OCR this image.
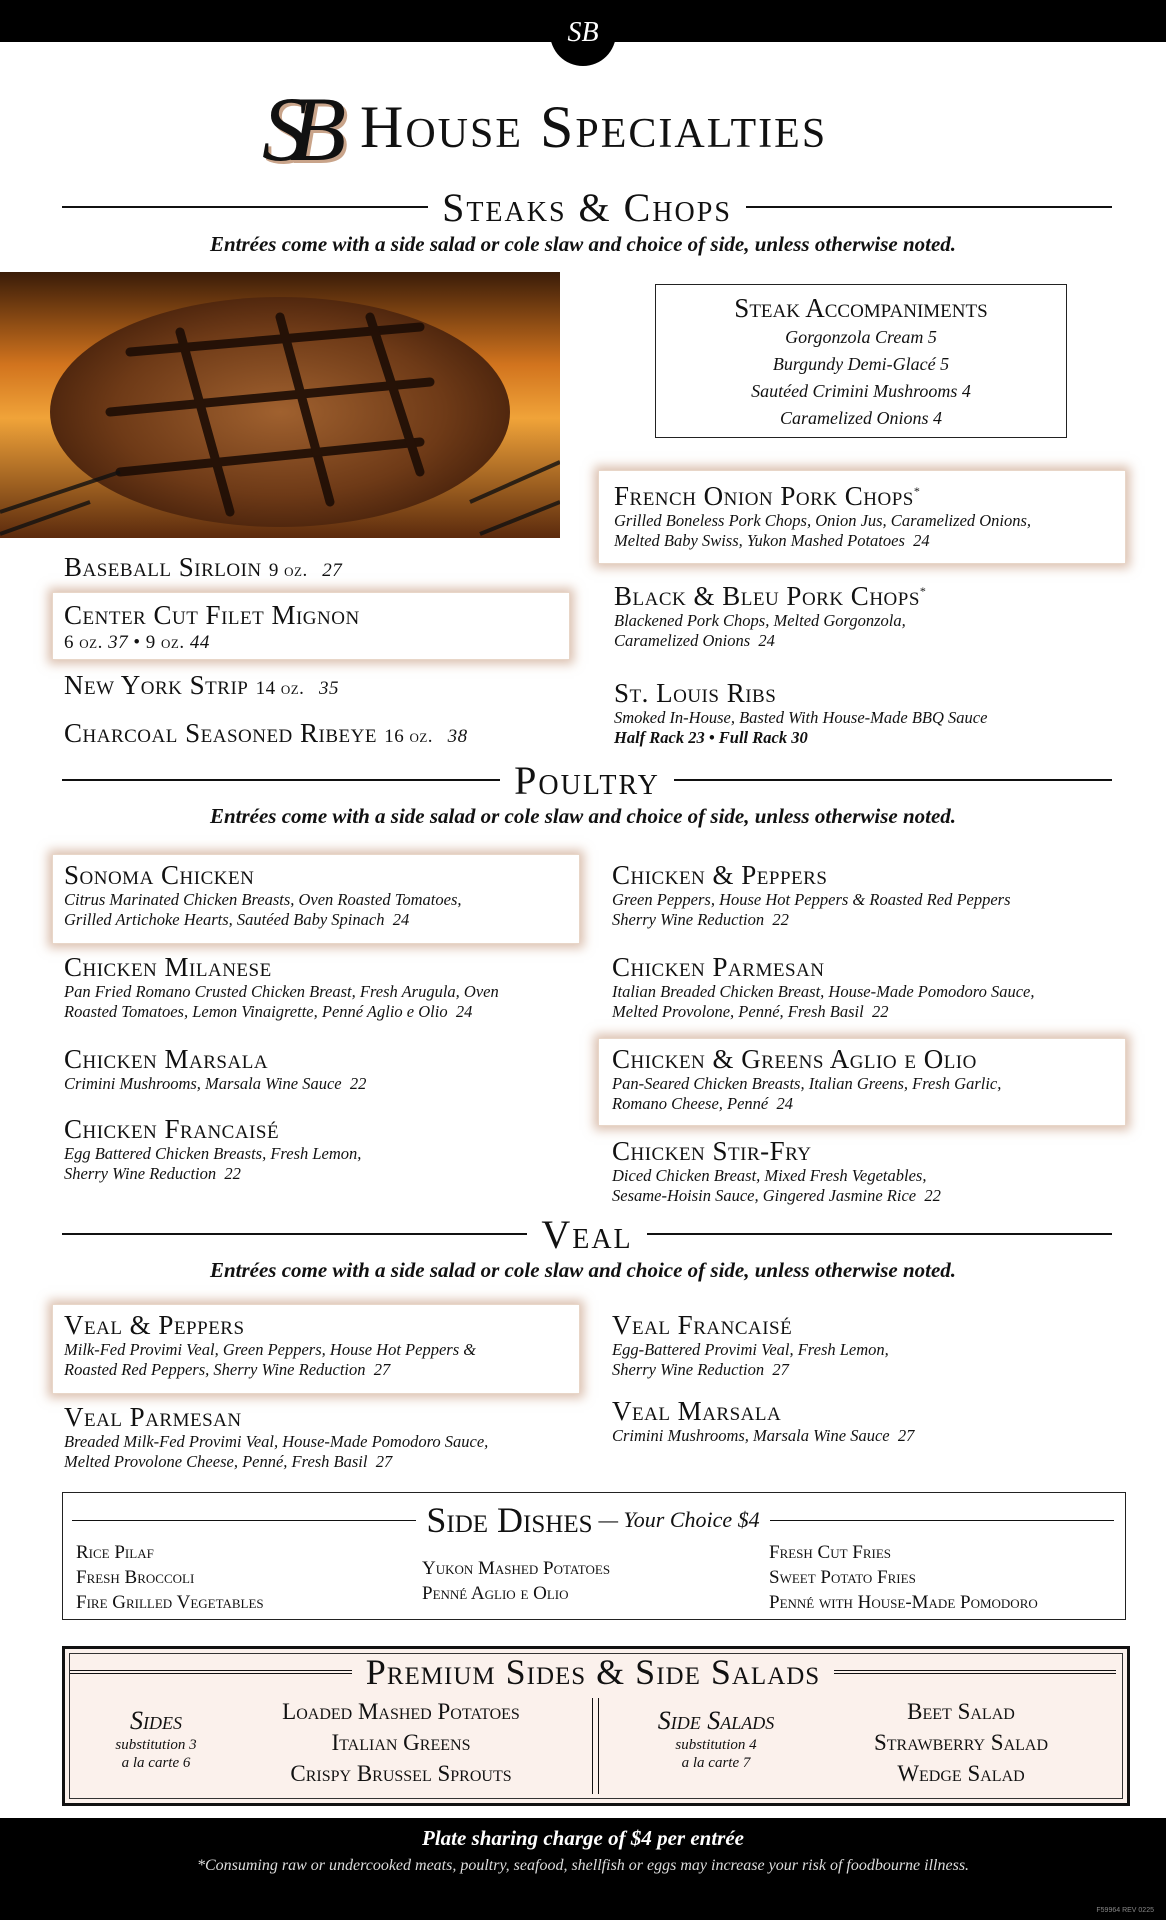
SB
SB House Specialties
Steaks & Chops
Entrées come with a side salad or cole slaw and choice of side, unless otherwise noted.
Steak Accompaniments
Gorgonzola Cream 5
Burgundy Demi-Glacé 5
Sautéed Crimini Mushrooms 4
Caramelized Onions 4
Baseball Sirloin 9 oz. 27
Center Cut Filet Mignon
6 oz. 37 • 9 oz. 44
New York Strip 14 oz. 35
Charcoal Seasoned Ribeye 16 oz. 38
French Onion Pork Chops*
Grilled Boneless Pork Chops, Onion Jus, Caramelized Onions,
Melted Baby Swiss, Yukon Mashed Potatoes 24
Black & Bleu Pork Chops*
Blackened Pork Chops, Melted Gorgonzola,
Caramelized Onions 24
St. Louis Ribs
Smoked In-House, Basted With House-Made BBQ Sauce
Half Rack 23 • Full Rack 30
Poultry
Entrées come with a side salad or cole slaw and choice of side, unless otherwise noted.
Sonoma Chicken
Citrus Marinated Chicken Breasts, Oven Roasted Tomatoes,
Grilled Artichoke Hearts, Sautéed Baby Spinach 24
Chicken Milanese
Pan Fried Romano Crusted Chicken Breast, Fresh Arugula, Oven
Roasted Tomatoes, Lemon Vinaigrette, Penné Aglio e Olio 24
Chicken Marsala
Crimini Mushrooms, Marsala Wine Sauce 22
Chicken Francaisé
Egg Battered Chicken Breasts, Fresh Lemon,
Sherry Wine Reduction 22
Chicken & Peppers
Green Peppers, House Hot Peppers & Roasted Red Peppers
Sherry Wine Reduction 22
Chicken Parmesan
Italian Breaded Chicken Breast, House-Made Pomodoro Sauce,
Melted Provolone, Penné, Fresh Basil 22
Chicken & Greens Aglio e Olio
Pan-Seared Chicken Breasts, Italian Greens, Fresh Garlic,
Romano Cheese, Penné 24
Chicken Stir-Fry
Diced Chicken Breast, Mixed Fresh Vegetables,
Sesame-Hoisin Sauce, Gingered Jasmine Rice 22
Veal
Entrées come with a side salad or cole slaw and choice of side, unless otherwise noted.
Veal & Peppers
Milk-Fed Provimi Veal, Green Peppers, House Hot Peppers &
Roasted Red Peppers, Sherry Wine Reduction 27
Veal Parmesan
Breaded Milk-Fed Provimi Veal, House-Made Pomodoro Sauce,
Melted Provolone Cheese, Penné, Fresh Basil 27
Veal Francaisé
Egg-Battered Provimi Veal, Fresh Lemon,
Sherry Wine Reduction 27
Veal Marsala
Crimini Mushrooms, Marsala Wine Sauce 27
Side Dishes — Your Choice $4
Rice Pilaf
Fresh Broccoli
Fire Grilled Vegetables
Yukon Mashed Potatoes
Penné Aglio e Olio
Fresh Cut Fries
Sweet Potato Fries
Penné with House-Made Pomodoro
Premium Sides & Side Salads
Sides
substitution 3
a la carte 6
Loaded Mashed Potatoes
Italian Greens
Crispy Brussel Sprouts
Side Salads
substitution 4
a la carte 7
Beet Salad
Strawberry Salad
Wedge Salad
Plate sharing charge of $4 per entrée
*Consuming raw or undercooked meats, poultry, seafood, shellfish or eggs may increase your risk of foodbourne illness.
F59964 REV 0225
